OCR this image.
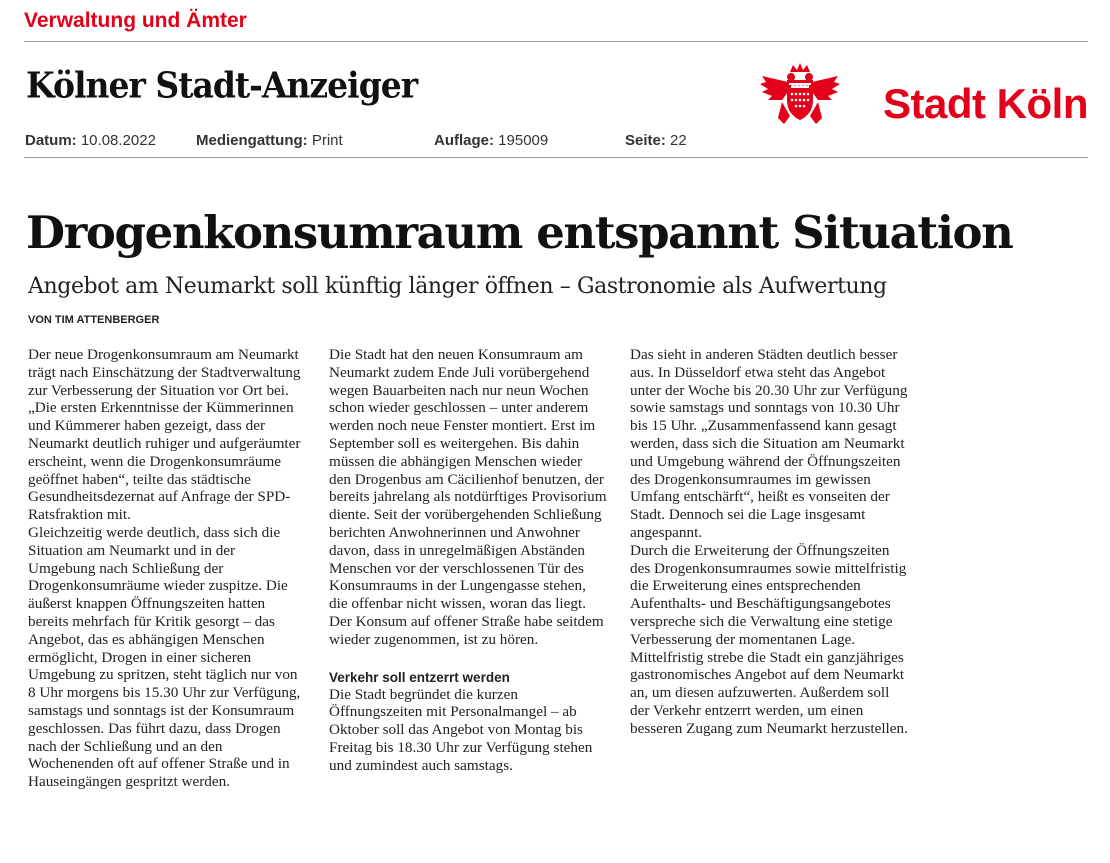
Verwaltung und Ämter
Kölner Stadt-Anzeiger	Stadt Köln
Datum: 10.08.2022	Mediengattung: Print	Auflage: 195009	Seite: 22
Drogenkonsumraum entspannt Situation
Angebot am Neumarkt soll künftig länger öffnen – Gastronomie als Aufwertung
VON TIM ATTENBERGER

Der neue Drogenkonsumraum am Neumarkt trägt nach Einschätzung der Stadtverwaltung zur Verbesserung der Situation vor Ort bei. „Die ersten Erkenntnisse der Kümmerinnen und Kümmerer haben gezeigt, dass der Neumarkt deutlich ruhiger und aufgeräumter erscheint, wenn die Drogenkonsumräume geöffnet haben“, teilte das städtische Gesundheitsdezernat auf Anfrage der SPD-Ratsfraktion mit.

Gleichzeitig werde deutlich, dass sich die Situation am Neumarkt und in der Umgebung nach Schließung der Drogenkonsumräume wieder zuspitze. Die äußerst knappen Öffnungszeiten hatten bereits mehrfach für Kritik gesorgt – das Angebot, das es abhängigen Menschen ermöglicht, Drogen in einer sicheren Umgebung zu spritzen, steht täglich nur von 8 Uhr morgens bis 15.30 Uhr zur Verfügung, samstags und sonntags ist der Konsumraum geschlossen. Das führt dazu, dass Drogen nach der Schließung und an den Wochenenden oft auf offener Straße und in Hauseingängen gespritzt werden.

Die Stadt hat den neuen Konsumraum am Neumarkt zudem Ende Juli vorübergehend wegen Bauarbeiten nach nur neun Wochen schon wieder geschlossen – unter anderem werden noch neue Fenster montiert. Erst im September soll es weitergehen. Bis dahin müssen die abhängigen Menschen wieder den Drogenbus am Cäcilienhof benutzen, der bereits jahrelang als notdürftiges Provisorium diente. Seit der vorübergehenden Schließung berichten Anwohnerinnen und Anwohner davon, dass in unregelmäßigen Abständen Menschen vor der verschlossenen Tür des Konsumraums in der Lungengasse stehen, die offenbar nicht wissen, woran das liegt. Der Konsum auf offener Straße habe seitdem wieder zugenommen, ist zu hören.

Verkehr soll entzerrt werden

Die Stadt begründet die kurzen Öffnungszeiten mit Personalmangel – ab Oktober soll das Angebot von Montag bis Freitag bis 18.30 Uhr zur Verfügung stehen und zumindest auch samstags.

Das sieht in anderen Städten deutlich besser aus. In Düsseldorf etwa steht das Angebot unter der Woche bis 20.30 Uhr zur Verfügung sowie samstags und sonntags von 10.30 Uhr bis 15 Uhr. „Zusammenfassend kann gesagt werden, dass sich die Situation am Neumarkt und Umgebung während der Öffnungszeiten des Drogenkonsumraumes im gewissen Umfang entschärft“, heißt es vonseiten der Stadt. Dennoch sei die Lage insgesamt angespannt.

Durch die Erweiterung der Öffnungszeiten des Drogenkonsumraumes sowie mittelfristig die Erweiterung eines entsprechenden Aufenthalts- und Beschäftigungsangebotes verspreche sich die Verwaltung eine stetige Verbesserung der momentanen Lage. Mittelfristig strebe die Stadt ein ganzjähriges gastronomisches Angebot auf dem Neumarkt an, um diesen aufzuwerten. Außerdem soll der Verkehr entzerrt werden, um einen besseren Zugang zum Neumarkt herzustellen.
